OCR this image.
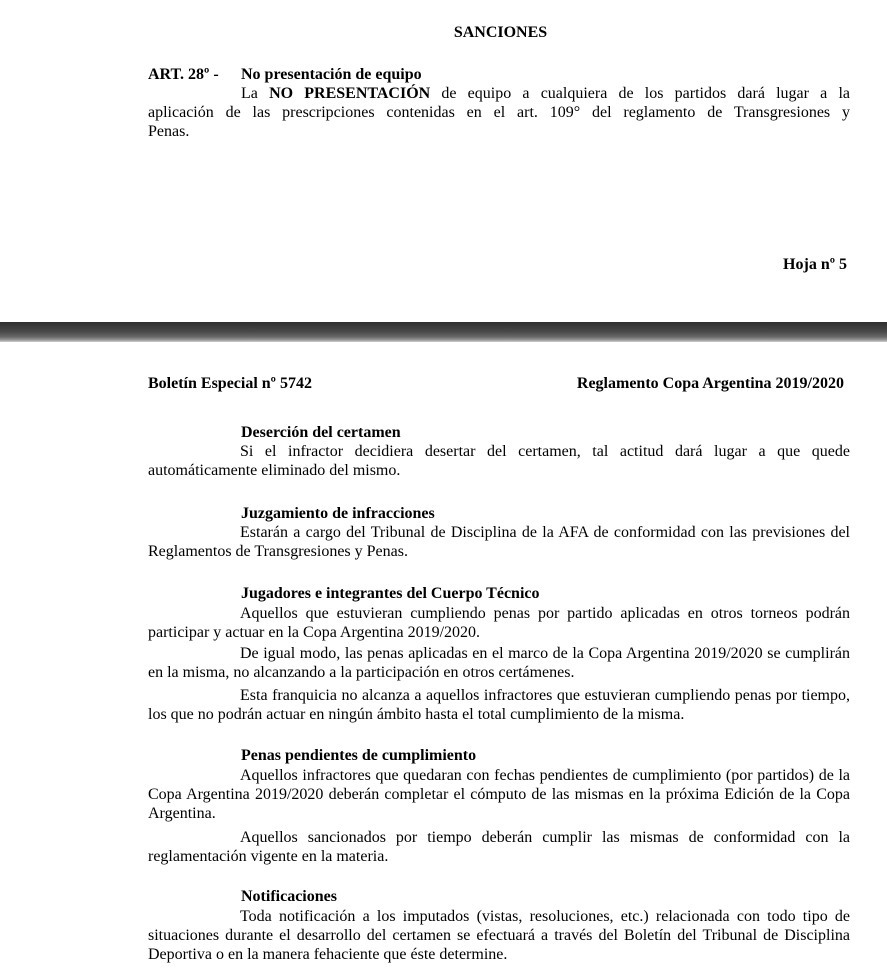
SANCIONES
ART. 28º - No presentación de equipo
La NO PRESENTACIÓN de equipo a cualquiera de los partidos dará lugar a la
aplicación de las prescripciones contenidas en el art. 109° del reglamento de Transgresiones y
Penas.
Hoja nº 5
Boletín Especial nº 5742	Reglamento Copa Argentina 2019/2020
Deserción del certamen
Si el infractor decidiera desertar del certamen, tal actitud dará lugar a que quede automáticamente eliminado del mismo.
Juzgamiento de infracciones
Estarán a cargo del Tribunal de Disciplina de la AFA de conformidad con las previsiones del Reglamentos de Transgresiones y Penas.
Jugadores e integrantes del Cuerpo Técnico
Aquellos que estuvieran cumpliendo penas por partido aplicadas en otros torneos podrán participar y actuar en la Copa Argentina 2019/2020.
De igual modo, las penas aplicadas en el marco de la Copa Argentina 2019/2020 se cumplirán en la misma, no alcanzando a la participación en otros certámenes.
Esta franquicia no alcanza a aquellos infractores que estuvieran cumpliendo penas por tiempo, los que no podrán actuar en ningún ámbito hasta el total cumplimiento de la misma.
Penas pendientes de cumplimiento
Aquellos infractores que quedaran con fechas pendientes de cumplimiento (por partidos) de la Copa Argentina 2019/2020 deberán completar el cómputo de las mismas en la próxima Edición de la Copa Argentina.
Aquellos sancionados por tiempo deberán cumplir las mismas de conformidad con la reglamentación vigente en la materia.
Notificaciones
Toda notificación a los imputados (vistas, resoluciones, etc.) relacionada con todo tipo de situaciones durante el desarrollo del certamen se efectuará a través del Boletín del Tribunal de Disciplina Deportiva o en la manera fehaciente que éste determine.
